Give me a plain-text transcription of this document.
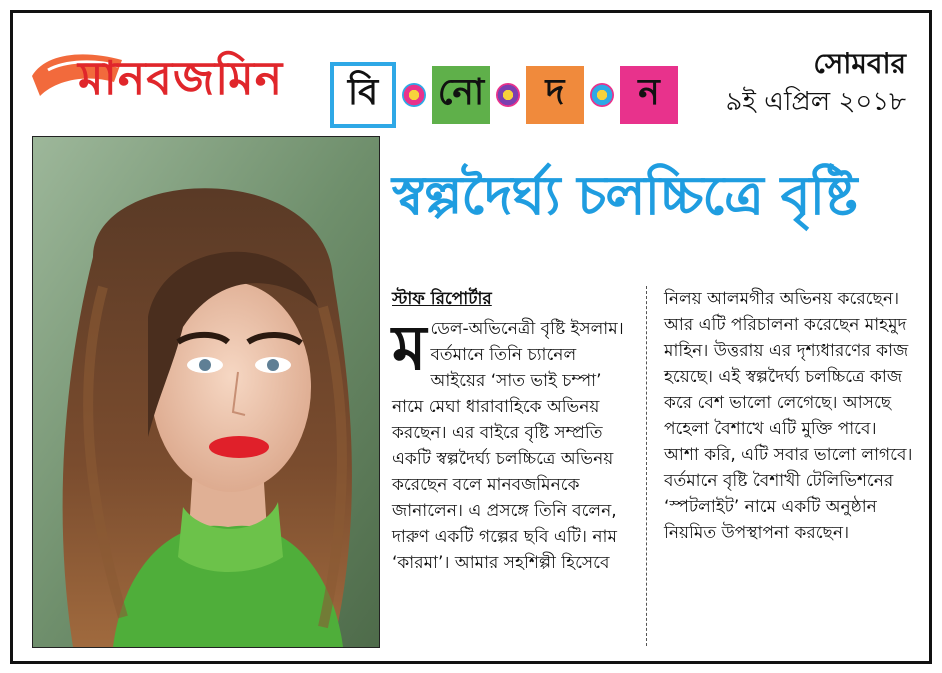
মানবজমিন	বি	নো	দ	ন
সোমবার
৯ই এপ্রিল ২০১৮
স্বল্পদৈর্ঘ্য চলচ্চিত্রে বৃষ্টি
স্টাফ রিপোর্টার

মডেল-অভিনেত্রী বৃষ্টি ইসলাম। বর্তমানে তিনি চ্যানেল আইয়ের ‘সাত ভাই চম্পা’ নামে মেঘা ধারাবাহিকে অভিনয় করছেন। এর বাইরে বৃষ্টি সম্প্রতি একটি স্বল্পদৈর্ঘ্য চলচ্চিত্রে অভিনয় করেছেন বলে মানবজমিনকে জানালেন। এ প্রসঙ্গে তিনি বলেন, দারুণ একটি গল্পের ছবি এটি। নাম ‘কারমা’। আমার সহশিল্পী হিসেবে

নিলয় আলমগীর অভিনয় করেছেন। আর এটি পরিচালনা করেছেন মাহমুদ মাহিন। উত্তরায় এর দৃশ্যধারণের কাজ হয়েছে। এই স্বল্পদৈর্ঘ্য চলচ্চিত্রে কাজ করে বেশ ভালো লেগেছে। আসছে পহেলা বৈশাখে এটি মুক্তি পাবে। আশা করি, এটি সবার ভালো লাগবে। বর্তমানে বৃষ্টি বৈশাখী টেলিভিশনের ‘স্পটলাইট’ নামে একটি অনুষ্ঠান নিয়মিত উপস্থাপনা করছেন।
